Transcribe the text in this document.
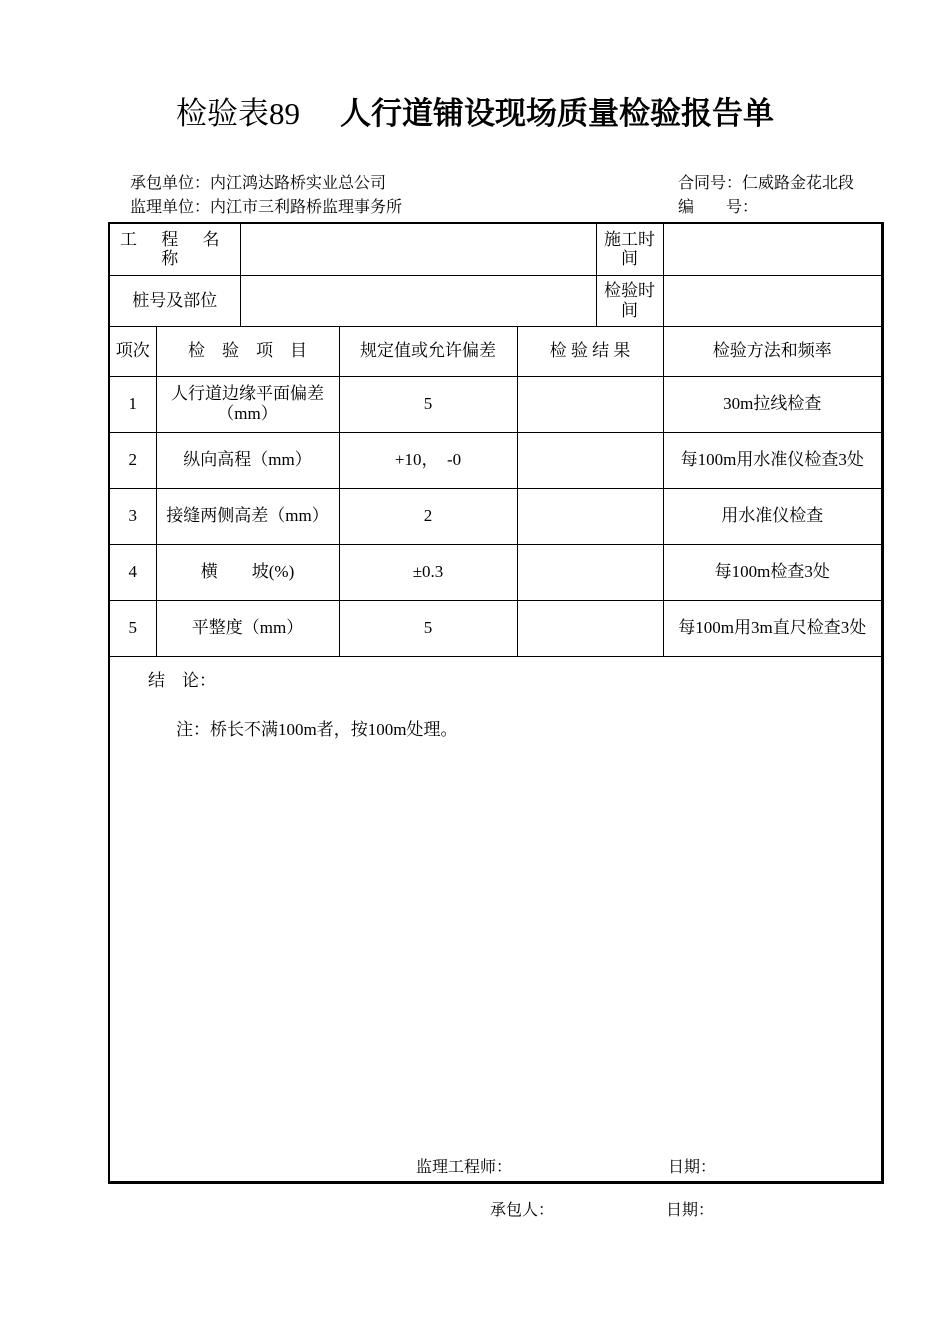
检验表89 人行道铺设现场质量检验报告单
承包单位：内江鸿达路桥实业总公司
监理单位：内江市三利路桥监理事务所
合同号：仁威路金花北段
编　　号：
工 程 名 称					施工时间	
桩号及部位					检验时间	
项次	检　验　项　目		规定值或允许偏差	检 验 结 果		检验方法和频率
1	人行道边缘平面偏差（mm）		5			30m拉线检查
2	纵向高程（mm）		+10，　-0			每100m用水准仪检查3处
3	接缝两侧高差（mm）		2			用水准仪检查
4	横　　坡(%)		±0.3			每100m检查3处
5	平整度（mm）		5			每100m用3m直尺检查3处
结　论：
注：桥长不满100m者，按100m处理。
监理工程师：	日期：
承包人：	日期：
